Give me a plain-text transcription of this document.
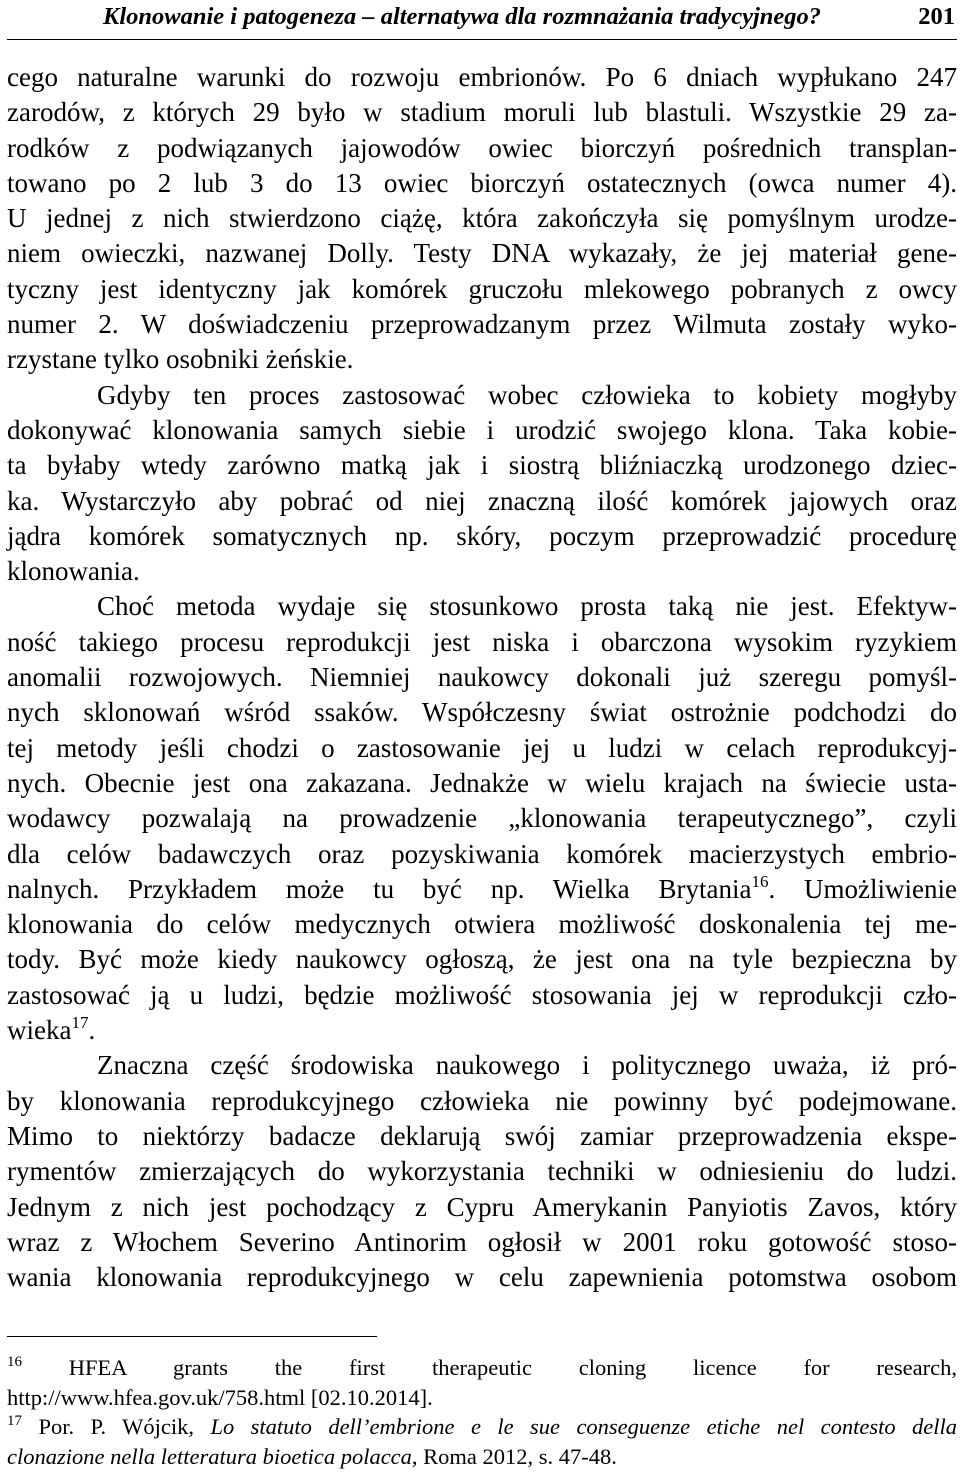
Klonowanie i patogeneza – alternatywa dla rozmnażania tradycyjnego?	201
cego naturalne warunki do rozwoju embrionów. Po 6 dniach wypłukano 247
zarodów, z których 29 było w stadium moruli lub blastuli. Wszystkie 29 za-
rodków z podwiązanych jajowodów owiec biorczyń pośrednich transplan-
towano po 2 lub 3 do 13 owiec biorczyń ostatecznych (owca numer 4).
U jednej z nich stwierdzono ciążę, która zakończyła się pomyślnym urodze-
niem owieczki, nazwanej Dolly. Testy DNA wykazały, że jej materiał gene-
tyczny jest identyczny jak komórek gruczołu mlekowego pobranych z owcy
numer 2. W doświadczeniu przeprowadzanym przez Wilmuta zostały wyko-
rzystane tylko osobniki żeńskie.
Gdyby ten proces zastosować wobec człowieka to kobiety mogłyby
dokonywać klonowania samych siebie i urodzić swojego klona. Taka kobie-
ta byłaby wtedy zarówno matką jak i siostrą bliźniaczką urodzonego dziec-
ka. Wystarczyło aby pobrać od niej znaczną ilość komórek jajowych oraz
jądra komórek somatycznych np. skóry, poczym przeprowadzić procedurę
klonowania.
Choć metoda wydaje się stosunkowo prosta taką nie jest. Efektyw-
ność takiego procesu reprodukcji jest niska i obarczona wysokim ryzykiem
anomalii rozwojowych. Niemniej naukowcy dokonali już szeregu pomyśl-
nych sklonowań wśród ssaków. Współczesny świat ostrożnie podchodzi do
tej metody jeśli chodzi o zastosowanie jej u ludzi w celach reprodukcyj-
nych. Obecnie jest ona zakazana. Jednakże w wielu krajach na świecie usta-
wodawcy pozwalają na prowadzenie „klonowania terapeutycznego”, czyli
dla celów badawczych oraz pozyskiwania komórek macierzystych embrio-
nalnych. Przykładem może tu być np. Wielka Brytania$^{16}$. Umożliwienie
klonowania do celów medycznych otwiera możliwość doskonalenia tej me-
tody. Być może kiedy naukowcy ogłoszą, że jest ona na tyle bezpieczna by
zastosować ją u ludzi, będzie możliwość stosowania jej w reprodukcji czło-
wieka$^{17}$.
Znaczna część środowiska naukowego i politycznego uważa, iż pró-
by klonowania reprodukcyjnego człowieka nie powinny być podejmowane.
Mimo to niektórzy badacze deklarują swój zamiar przeprowadzenia ekspe-
rymentów zmierzających do wykorzystania techniki w odniesieniu do ludzi.
Jednym z nich jest pochodzący z Cypru Amerykanin Panyiotis Zavos, który
wraz z Włochem Severino Antinorim ogłosił w 2001 roku gotowość stoso-
wania klonowania reprodukcyjnego w celu zapewnienia potomstwa osobom
$^{16}$ HFEA grants the first therapeutic cloning licence for research,
http://www.hfea.gov.uk/758.html [02.10.2014].
$^{17}$ Por. P. Wójcik, Lo statuto dell’embrione e le sue conseguenze etiche nel contesto della
clonazione nella letteratura bioetica polacca, Roma 2012, s. 47-48.
